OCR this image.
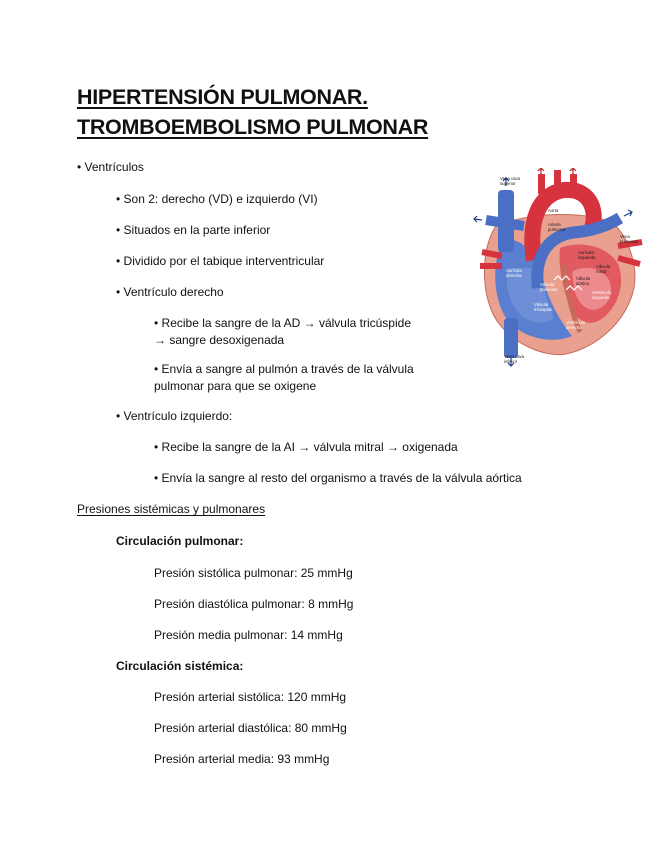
HIPERTENSIÓN PULMONAR.
TROMBOEMBOLISMO PULMONAR
• Ventrículos
• Son 2: derecho (VD) e izquierdo (VI)
• Situados en la parte inferior
• Dividido por el tabique interventricular
• Ventrículo derecho
• Recibe la sangre de la AD → válvula tricúspide → sangre desoxigenada
• Envía a sangre al pulmón a través de la válvula pulmonar para que se oxigene
• Ventrículo izquierdo:
• Recibe la sangre de la AI → válvula mitral → oxigenada
• Envía la sangre al resto del organismo a través de la válvula aórtica
Presiones sistémicas y pulmonares
Circulación pulmonar:
Presión sistólica pulmonar: 25 mmHg
Presión diastólica pulmonar: 8 mmHg
Presión media pulmonar: 14 mmHg
Circulación sistémica:
Presión arterial sistólica: 120 mmHg
Presión arterial diastólica: 80 mmHg
Presión arterial media: 93 mmHg
Vena cava
superior
Aorta
Arteria
pulmonar
Vena
pulmonar
Aurícula
derecha
Aurícula
izquierda
Válvula
pulmonar
Válvula
mitral
Válvula
aórtica
Válvula
tricúspide
Ventrículo
izquierdo
Ventrículo
derecho
Vena cava
inferior
